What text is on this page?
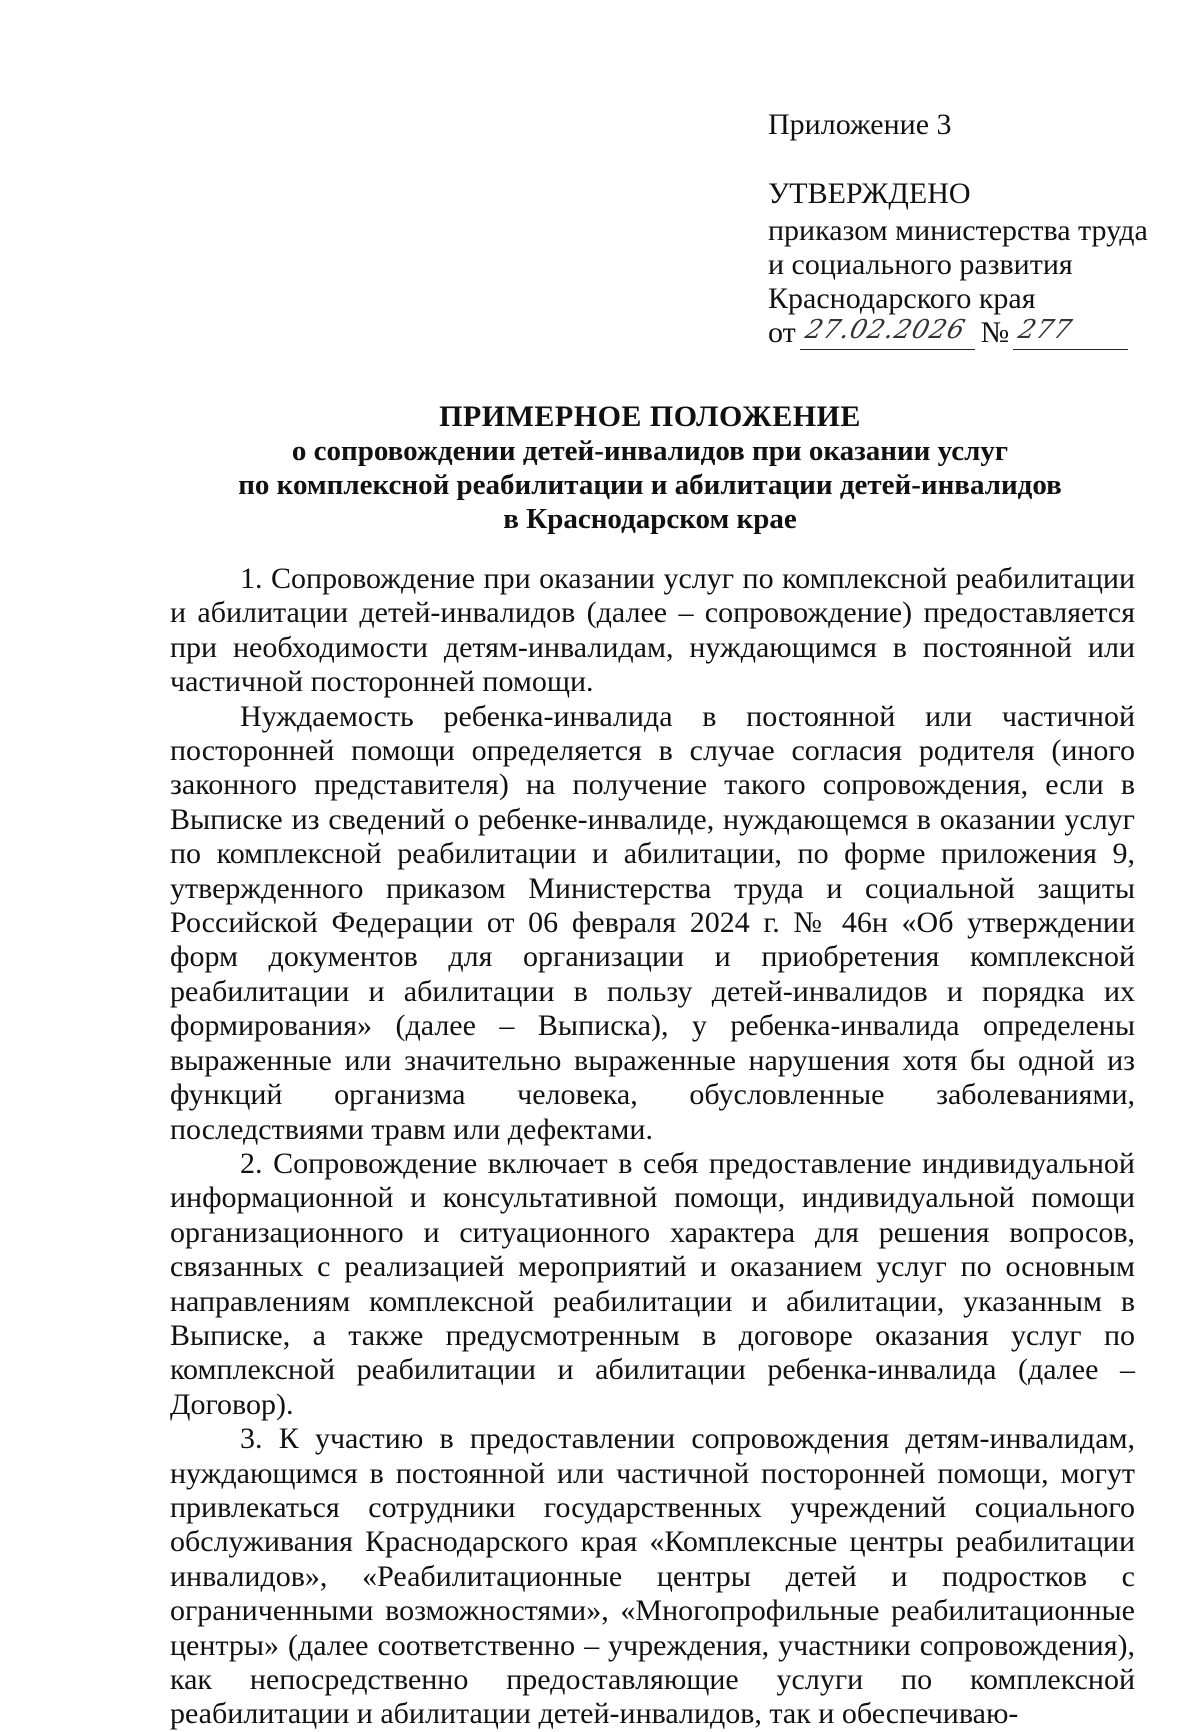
Приложение 3
УТВЕРЖДЕНО
приказом министерства труда
и социального развития
Краснодарского края
от 27.02.2026 № 277
ПРИМЕРНОЕ ПОЛОЖЕНИЕ
о сопровождении детей-инвалидов при оказании услуг
по комплексной реабилитации и абилитации детей-инвалидов
в Краснодарском крае

1. Сопровождение при оказании услуг по комплексной реабилитации и абилитации детей-инвалидов (далее – сопровождение) предоставляется при необходимости детям-инвалидам, нуждающимся в постоянной или частичной посторонней помощи.

Нуждаемость ребенка-инвалида в постоянной или частичной посторонней помощи определяется в случае согласия родителя (иного законного представителя) на получение такого сопровождения, если в Выписке из сведений о ребенке-инвалиде, нуждающемся в оказании услуг по комплексной реабилитации и абилитации, по форме приложения 9, утвержденного приказом Министерства труда и социальной защиты Российской Федерации от 06 февраля 2024 г. № 46н «Об утверждении форм документов для организации и приобретения комплексной реабилитации и абилитации в пользу детей-инвалидов и порядка их формирования» (далее – Выписка), у ребенка-инвалида определены выраженные или значительно выраженные нарушения хотя бы одной из функций организма человека, обусловленные заболеваниями, последствиями травм или дефектами.

2. Сопровождение включает в себя предоставление индивидуальной информационной и консультативной помощи, индивидуальной помощи организационного и ситуационного характера для решения вопросов, связанных с реализацией мероприятий и оказанием услуг по основным направлениям комплексной реабилитации и абилитации, указанным в Выписке, а также предусмотренным в договоре оказания услуг по комплексной реабилитации и абилитации ребенка-инвалида (далее – Договор).

3. К участию в предоставлении сопровождения детям-инвалидам, нуждающимся в постоянной или частичной посторонней помощи, могут привлекаться сотрудники государственных учреждений социального обслуживания Краснодарского края «Комплексные центры реабилитации инвалидов», «Реабилитационные центры детей и подростков с ограниченными возможностями», «Многопрофильные реабилитационные центры» (далее соответственно – учреждения, участники сопровождения), как непосредственно предоставляющие услуги по комплексной реабилитации и абилитации детей-инвалидов, так и обеспечиваю-
